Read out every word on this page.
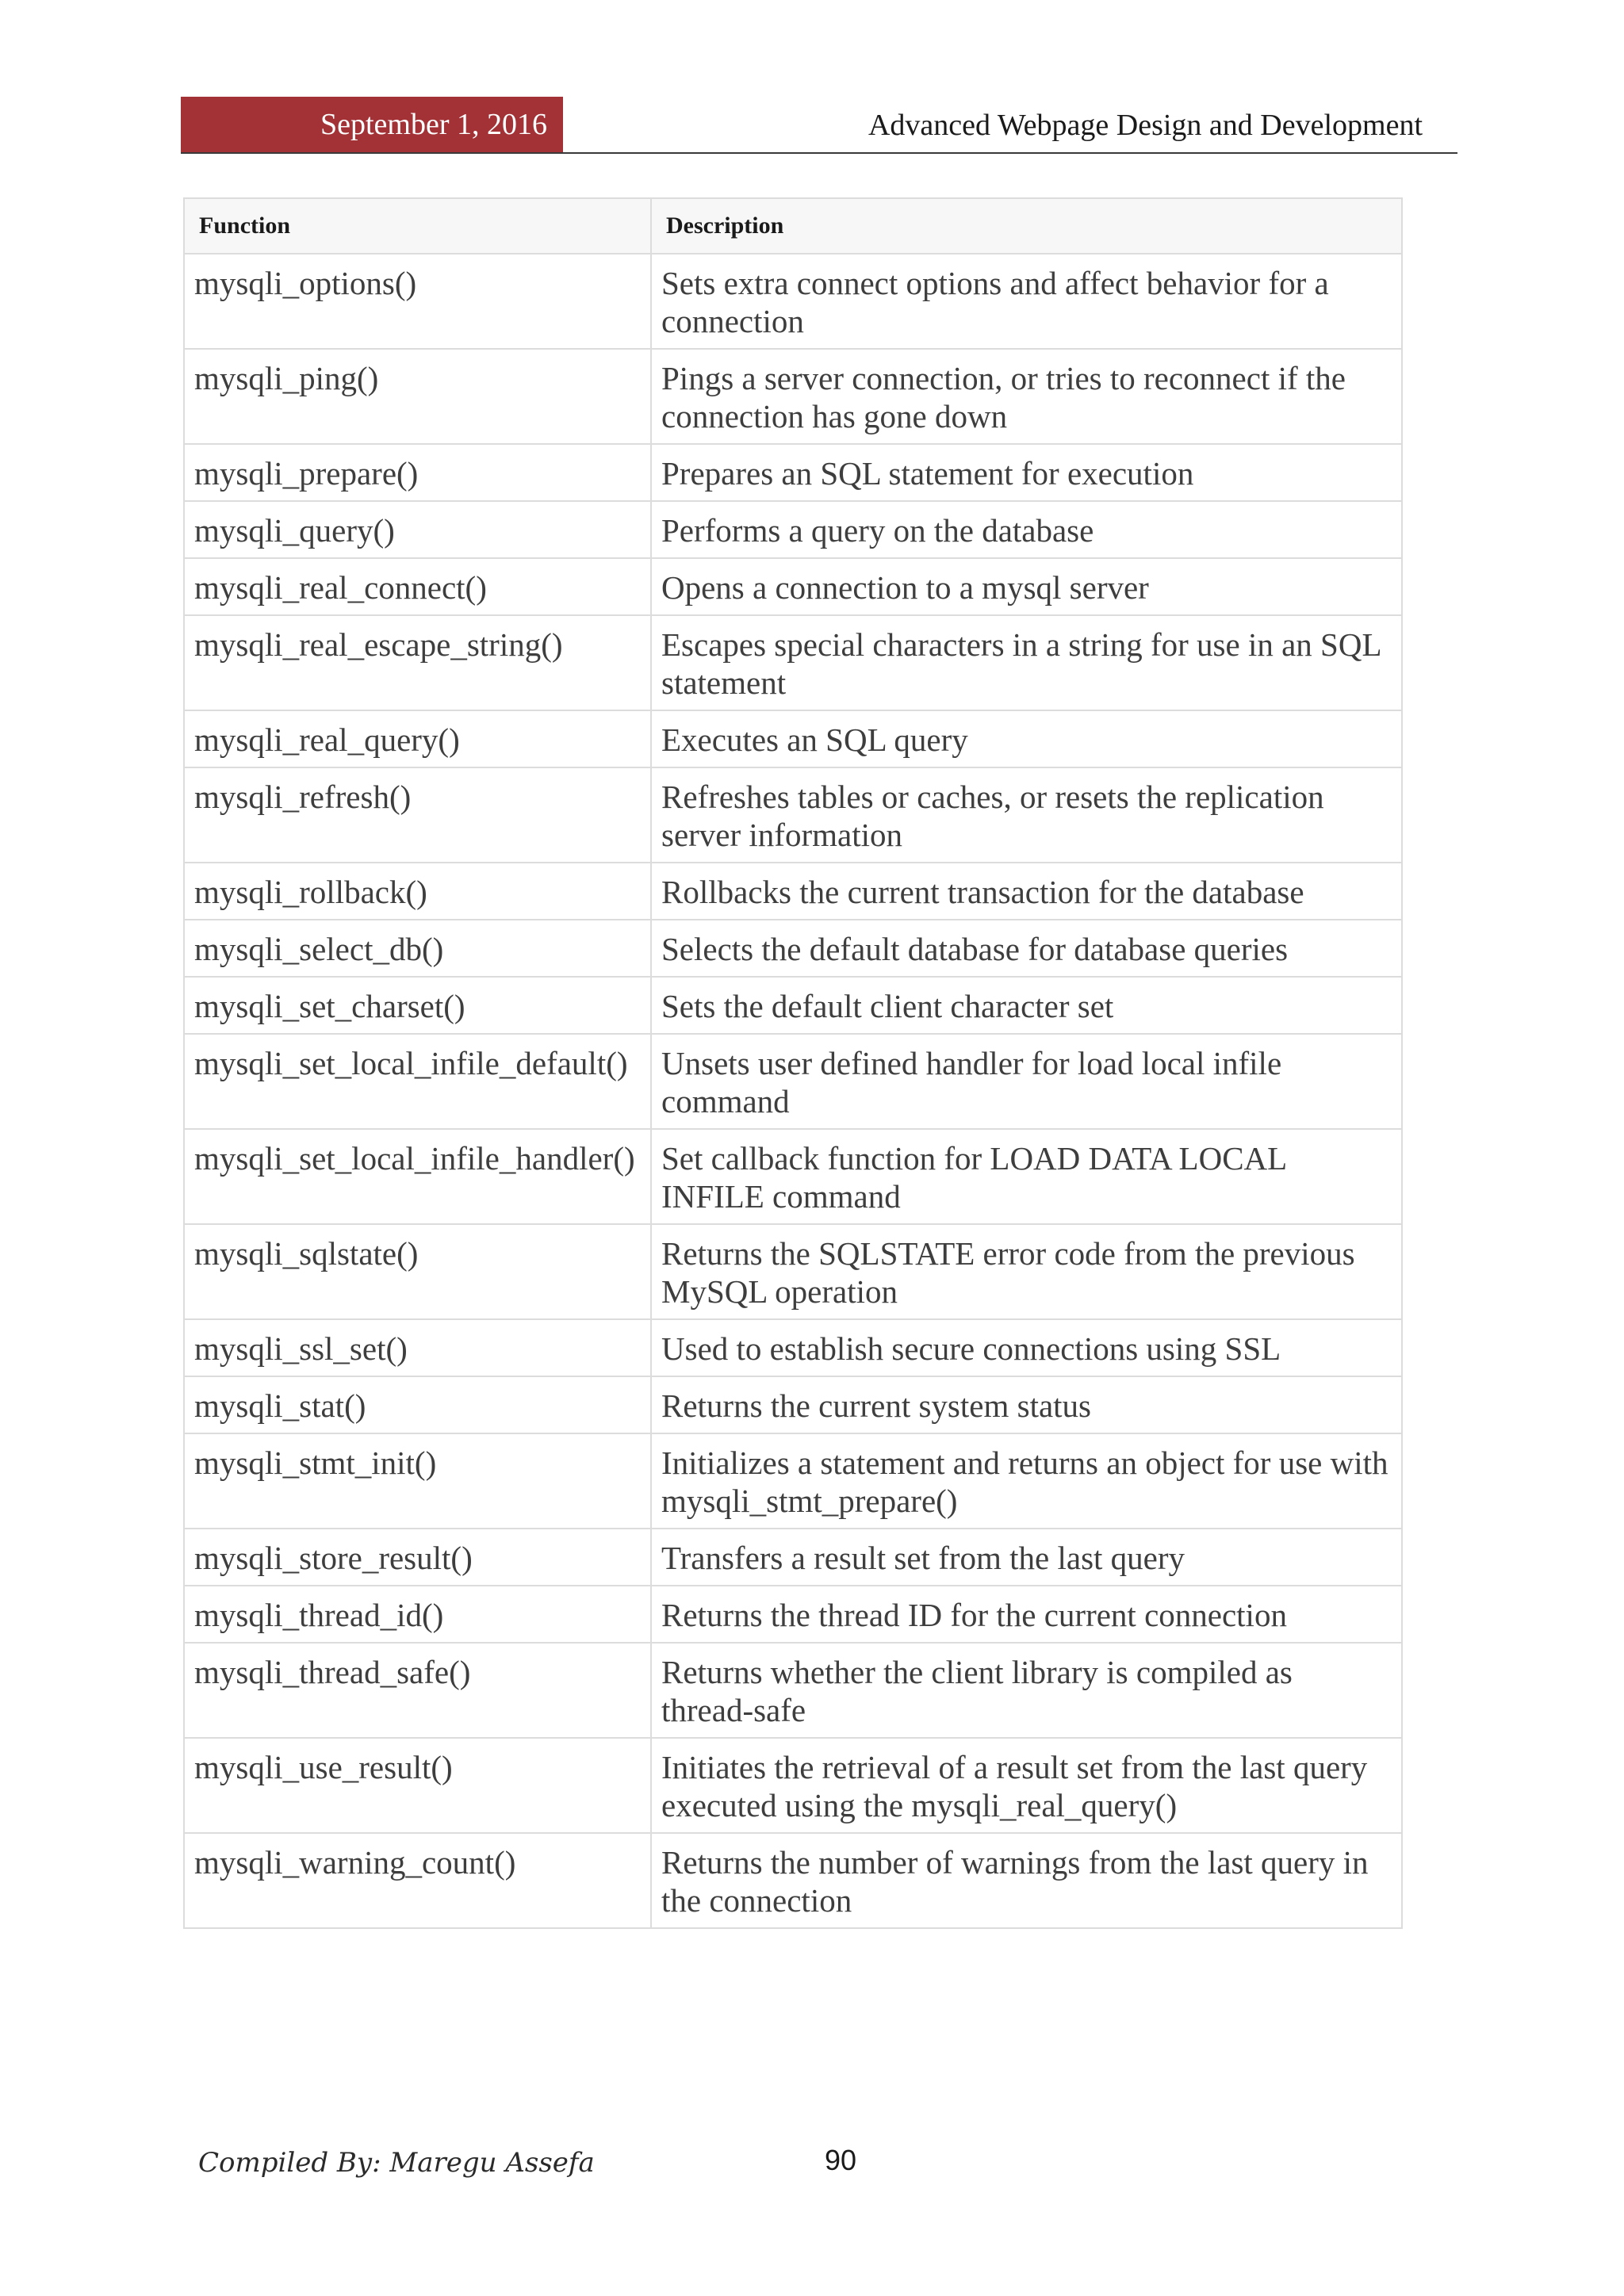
September 1, 2016	Advanced Webpage Design and Development
Function	Description
mysqli_options()	Sets extra connect options and affect behavior for a connection
mysqli_ping()	Pings a server connection, or tries to reconnect if the connection has gone down
mysqli_prepare()	Prepares an SQL statement for execution
mysqli_query()	Performs a query on the database
mysqli_real_connect()	Opens a connection to a mysql server
mysqli_real_escape_string()	Escapes special characters in a string for use in an SQL statement
mysqli_real_query()	Executes an SQL query
mysqli_refresh()	Refreshes tables or caches, or resets the replication server information
mysqli_rollback()	Rollbacks the current transaction for the database
mysqli_select_db()	Selects the default database for database queries
mysqli_set_charset()	Sets the default client character set
mysqli_set_local_infile_default()	Unsets user defined handler for load local infile command
mysqli_set_local_infile_handler()	Set callback function for LOAD DATA LOCAL INFILE command
mysqli_sqlstate()	Returns the SQLSTATE error code from the previous MySQL operation
mysqli_ssl_set()	Used to establish secure connections using SSL
mysqli_stat()	Returns the current system status
mysqli_stmt_init()	Initializes a statement and returns an object for use with mysqli_stmt_prepare()
mysqli_store_result()	Transfers a result set from the last query
mysqli_thread_id()	Returns the thread ID for the current connection
mysqli_thread_safe()	Returns whether the client library is compiled as thread-safe
mysqli_use_result()	Initiates the retrieval of a result set from the last query executed using the mysqli_real_query()
mysqli_warning_count()	Returns the number of warnings from the last query in the connection
Compiled By: Maregu Assefa	90
